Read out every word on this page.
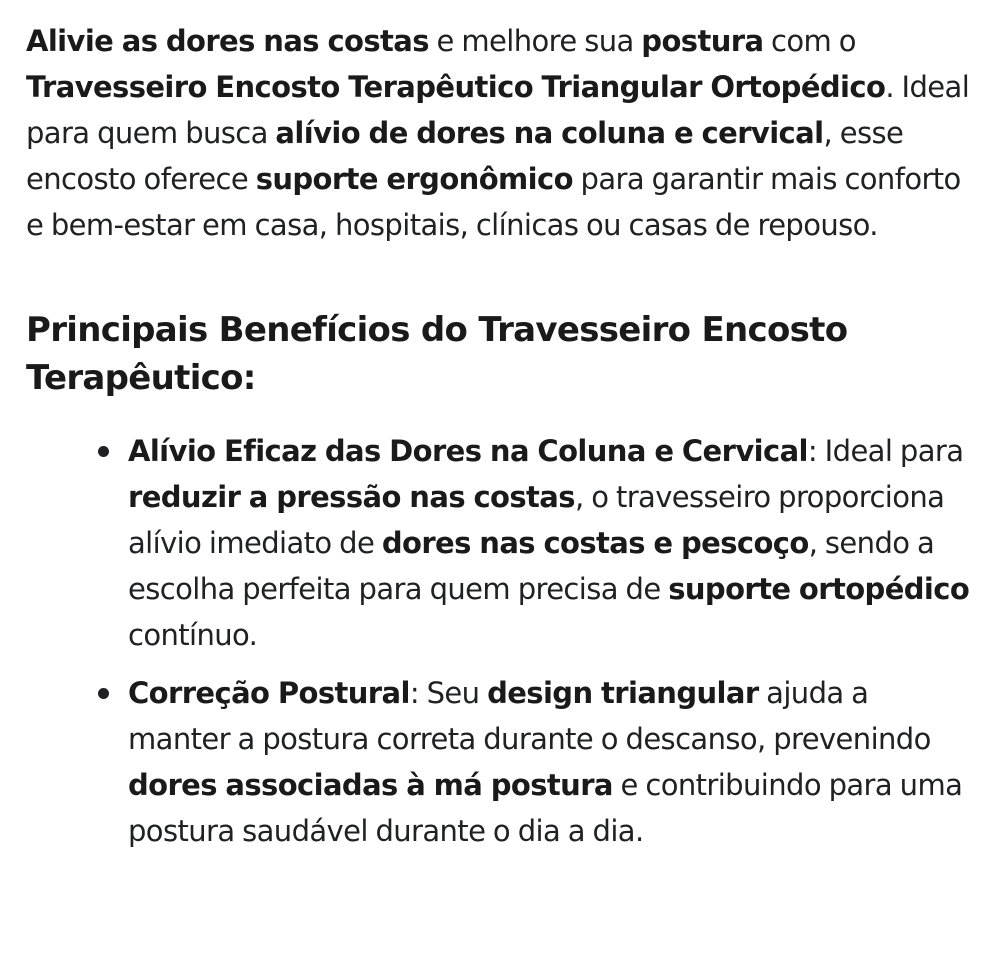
Alivie as dores nas costas e melhore sua postura com o Travesseiro Encosto Terapêutico Triangular Ortopédico. Ideal para quem busca alívio de dores na coluna e cervical, esse encosto oferece suporte ergonômico para garantir mais conforto e bem-estar em casa, hospitais, clínicas ou casas de repouso.

Principais Benefícios do Travesseiro Encosto Terapêutico:
Alívio Eficaz das Dores na Coluna e Cervical: Ideal para reduzir a pressão nas costas, o travesseiro proporciona alívio imediato de dores nas costas e pescoço, sendo a escolha perfeita para quem precisa de suporte ortopédico contínuo.
Correção Postural: Seu design triangular ajuda a manter a postura correta durante o descanso, prevenindo dores associadas à má postura e contribuindo para uma postura saudável durante o dia a dia.
